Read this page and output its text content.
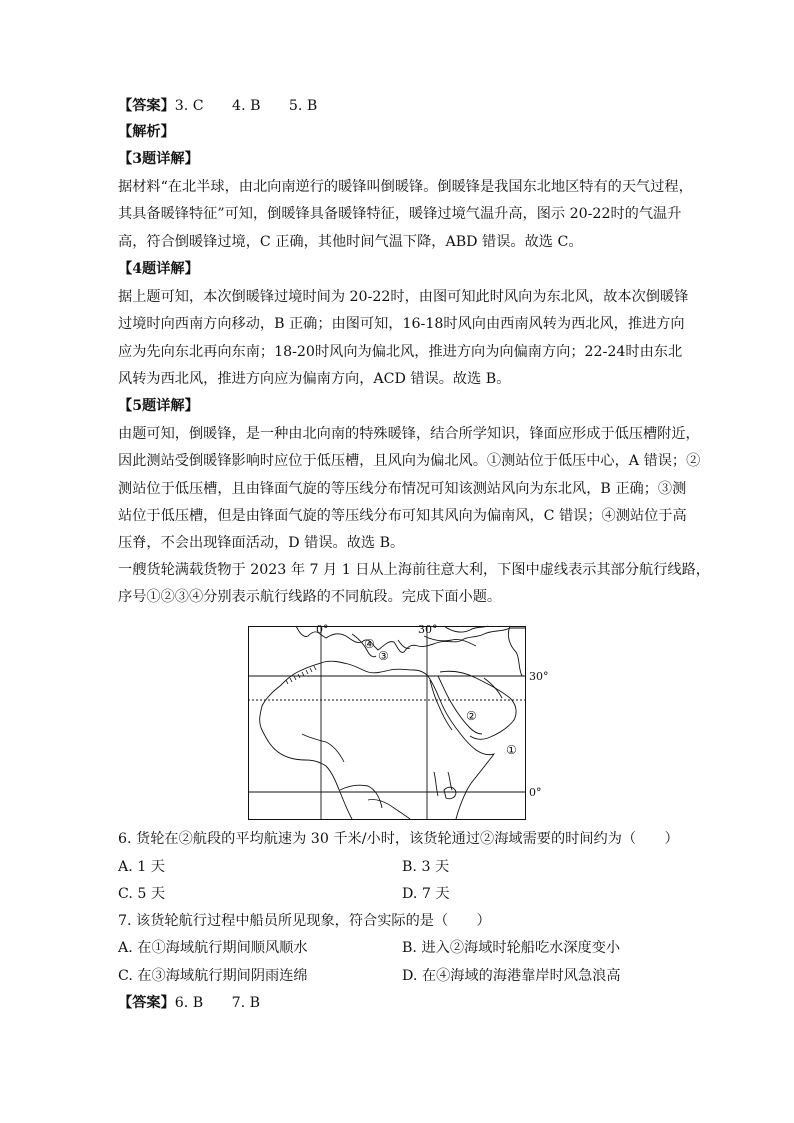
【答案】3. C　　4. B　　5. B
【解析】
【3题详解】
据材料“在北半球，由北向南逆行的暖锋叫倒暖锋。倒暖锋是我国东北地区特有的天气过程，
其具备暖锋特征”可知，倒暖锋具备暖锋特征，暖锋过境气温升高，图示 20-22时的气温升
高，符合倒暖锋过境，C 正确，其他时间气温下降，ABD 错误。故选 C。
【4题详解】
据上题可知，本次倒暖锋过境时间为 20-22时，由图可知此时风向为东北风，故本次倒暖锋
过境时向西南方向移动，B 正确；由图可知，16-18时风向由西南风转为西北风，推进方向
应为先向东北再向东南；18-20时风向为偏北风，推进方向为向偏南方向；22-24时由东北
风转为西北风，推进方向应为偏南方向，ACD 错误。故选 B。
【5题详解】
由题可知，倒暖锋，是一种由北向南的特殊暖锋，结合所学知识，锋面应形成于低压槽附近，
因此测站受倒暖锋影响时应位于低压槽，且风向为偏北风。①测站位于低压中心，A 错误；②
测站位于低压槽，且由锋面气旋的等压线分布情况可知该测站风向为东北风，B 正确；③测
站位于低压槽，但是由锋面气旋的等压线分布可知其风向为偏南风，C 错误；④测站位于高
压脊，不会出现锋面活动，D 错误。故选 B。
一艘货轮满载货物于 2023 年 7 月 1 日从上海前往意大利，下图中虚线表示其部分航行线路，
序号①②③④分别表示航行线路的不同航段。完成下面小题。
0°	30°
30°
0°
①
②
③
④
6. 货轮在②航段的平均航速为 30 千米/小时，该货轮通过②海域需要的时间约为（　　）
A. 1 天	B. 3 天
C. 5 天	D. 7 天
7. 该货轮航行过程中船员所见现象，符合实际的是（　　）
A. 在①海域航行期间顺风顺水	B. 进入②海域时轮船吃水深度变小
C. 在③海域航行期间阴雨连绵	D. 在④海域的海港靠岸时风急浪高
【答案】6. B　　7. B
